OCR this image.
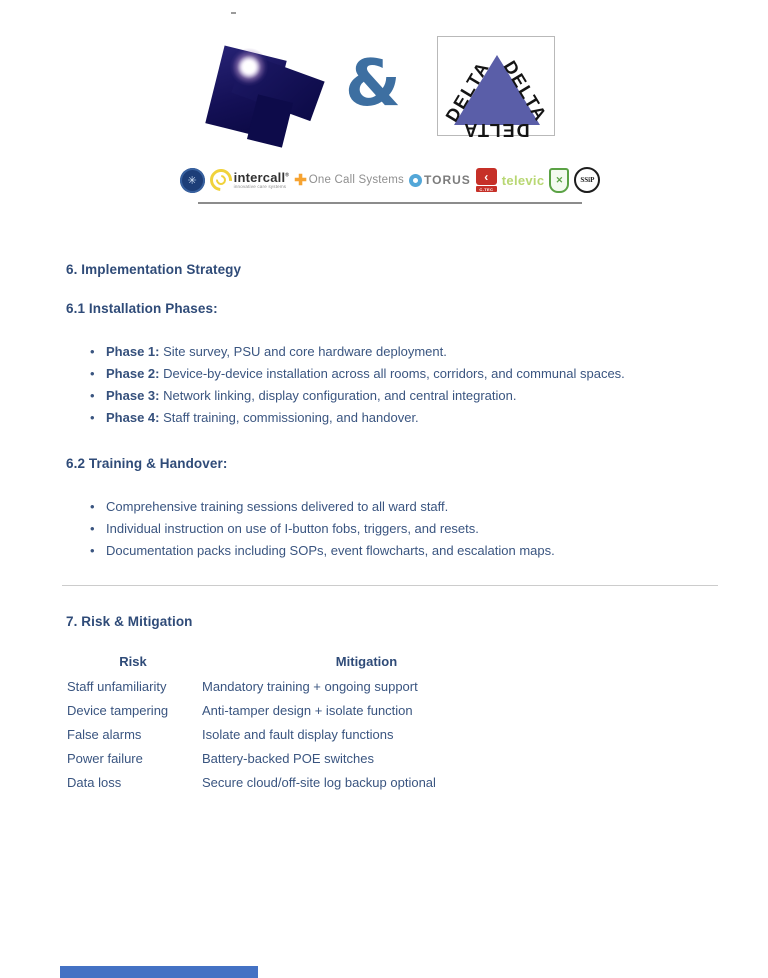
& DELTA DELTA
DELTA
✳	intercall®
innovative care systems ✚ One Call Systems TORUS	‹
C-TEC
televic	✕	SSiP
6. Implementation Strategy
6.1 Installation Phases:
• Phase 1: Site survey, PSU and core hardware deployment.
• Phase 2: Device-by-device installation across all rooms, corridors, and communal spaces.
• Phase 3: Network linking, display configuration, and central integration.
• Phase 4: Staff training, commissioning, and handover.
6.2 Training & Handover:
• Comprehensive training sessions delivered to all ward staff.
• Individual instruction on use of I-button fobs, triggers, and resets.
• Documentation packs including SOPs, event flowcharts, and escalation maps.
7. Risk & Mitigation
Risk	Mitigation
Staff unfamiliarity	Mandatory training + ongoing support
Device tampering	Anti-tamper design + isolate function
False alarms	Isolate and fault display functions
Power failure	Battery-backed POE switches
Data loss	Secure cloud/off-site log backup optional
